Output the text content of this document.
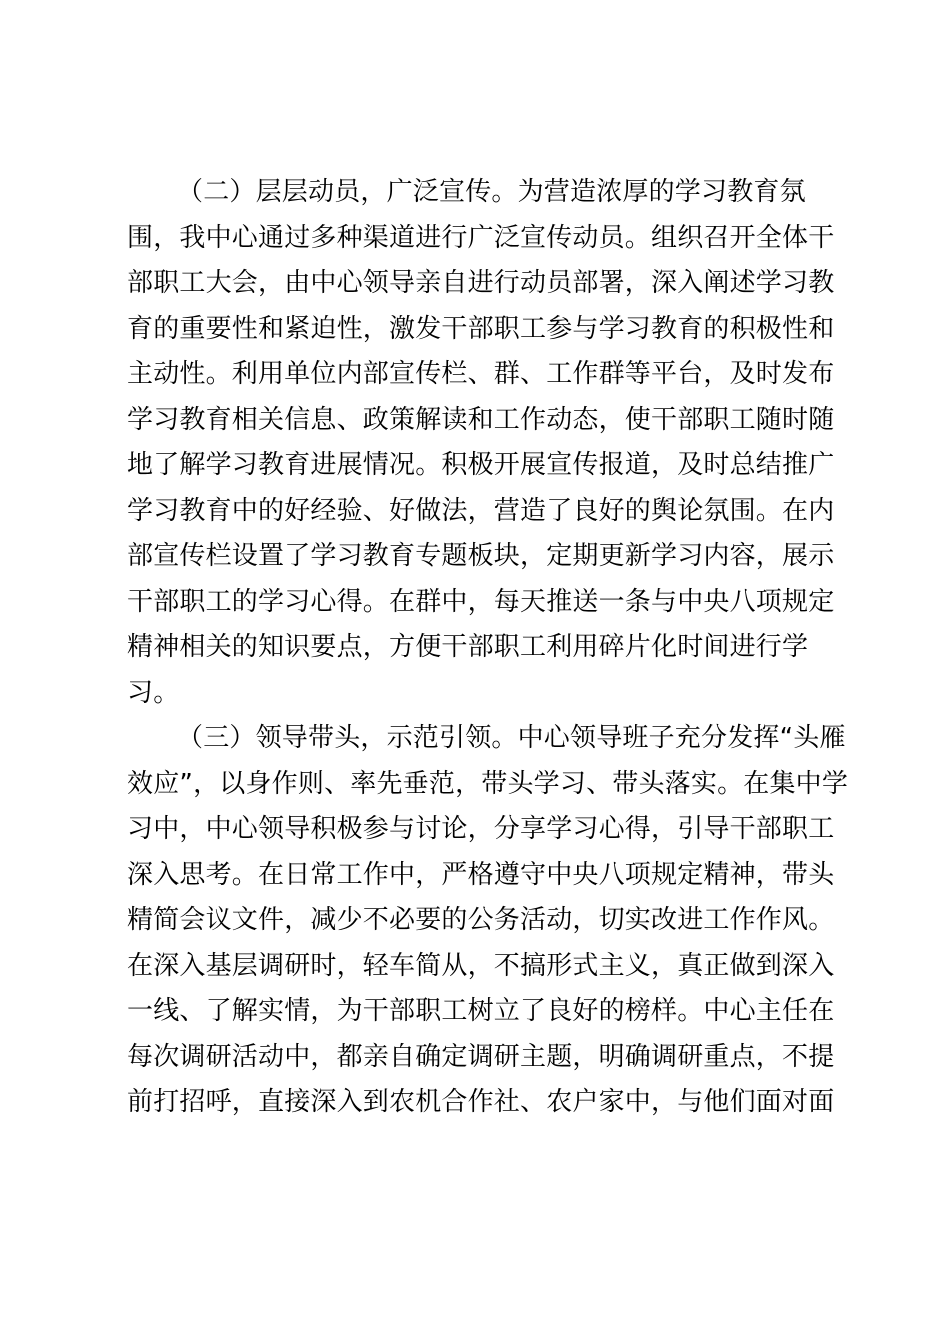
（二）层层动员，广泛宣传。为营造浓厚的学习教育氛
围，我中心通过多种渠道进行广泛宣传动员。组织召开全体干
部职工大会，由中心领导亲自进行动员部署，深入阐述学习教
育的重要性和紧迫性，激发干部职工参与学习教育的积极性和
主动性。利用单位内部宣传栏、群、工作群等平台，及时发布
学习教育相关信息、政策解读和工作动态，使干部职工随时随
地了解学习教育进展情况。积极开展宣传报道，及时总结推广
学习教育中的好经验、好做法，营造了良好的舆论氛围。在内
部宣传栏设置了学习教育专题板块，定期更新学习内容，展示
干部职工的学习心得。在群中，每天推送一条与中央八项规定
精神相关的知识要点，方便干部职工利用碎片化时间进行学
习。
（三）领导带头，示范引领。中心领导班子充分发挥“头雁
效应”，以身作则、率先垂范，带头学习、带头落实。在集中学
习中，中心领导积极参与讨论，分享学习心得，引导干部职工
深入思考。在日常工作中，严格遵守中央八项规定精神，带头
精简会议文件，减少不必要的公务活动，切实改进工作作风。
在深入基层调研时，轻车简从，不搞形式主义，真正做到深入
一线、了解实情，为干部职工树立了良好的榜样。中心主任在
每次调研活动中，都亲自确定调研主题，明确调研重点，不提
前打招呼，直接深入到农机合作社、农户家中，与他们面对面
